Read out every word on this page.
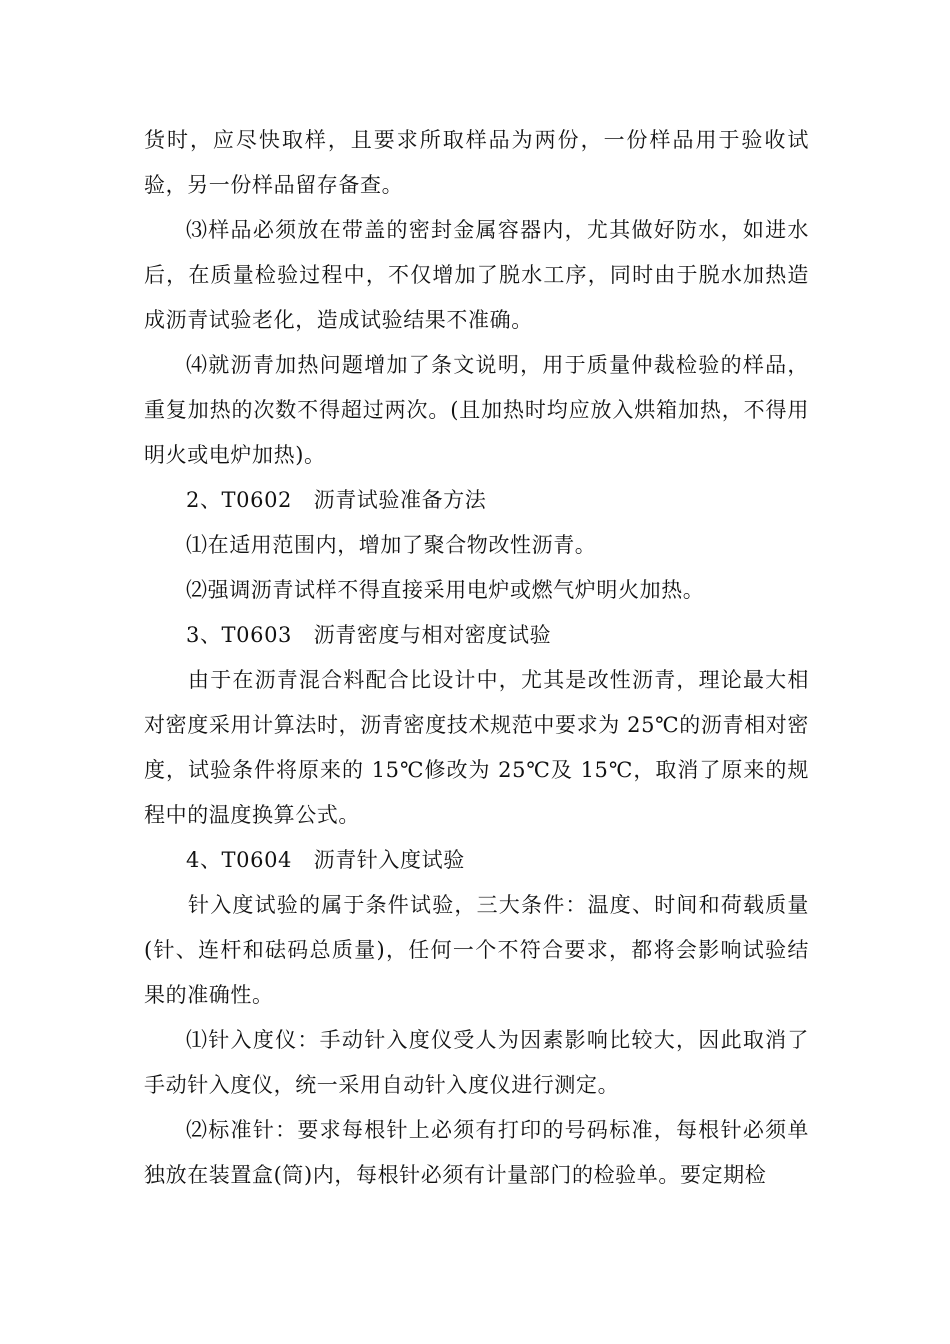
货时，应尽快取样，且要求所取样品为两份，一份样品用于验收试验，另一份样品留存备查。

⑶样品必须放在带盖的密封金属容器内，尤其做好防水，如进水后，在质量检验过程中，不仅增加了脱水工序，同时由于脱水加热造成沥青试验老化，造成试验结果不准确。

⑷就沥青加热问题增加了条文说明，用于质量仲裁检验的样品，重复加热的次数不得超过两次。(且加热时均应放入烘箱加热，不得用明火或电炉加热)。

2、T0602　沥青试验准备方法

⑴在适用范围内，增加了聚合物改性沥青。

⑵强调沥青试样不得直接采用电炉或燃气炉明火加热。

3、T0603　沥青密度与相对密度试验

由于在沥青混合料配合比设计中，尤其是改性沥青，理论最大相对密度采用计算法时，沥青密度技术规范中要求为 25℃的沥青相对密度，试验条件将原来的 15℃修改为 25℃及 15℃，取消了原来的规程中的温度换算公式。

4、T0604　沥青针入度试验

针入度试验的属于条件试验，三大条件：温度、时间和荷载质量(针、连杆和砝码总质量)，任何一个不符合要求，都将会影响试验结果的准确性。

⑴针入度仪：手动针入度仪受人为因素影响比较大，因此取消了手动针入度仪，统一采用自动针入度仪进行测定。

⑵标准针：要求每根针上必须有打印的号码标准，每根针必须单独放在装置盒(筒)内，每根针必须有计量部门的检验单。要定期检
